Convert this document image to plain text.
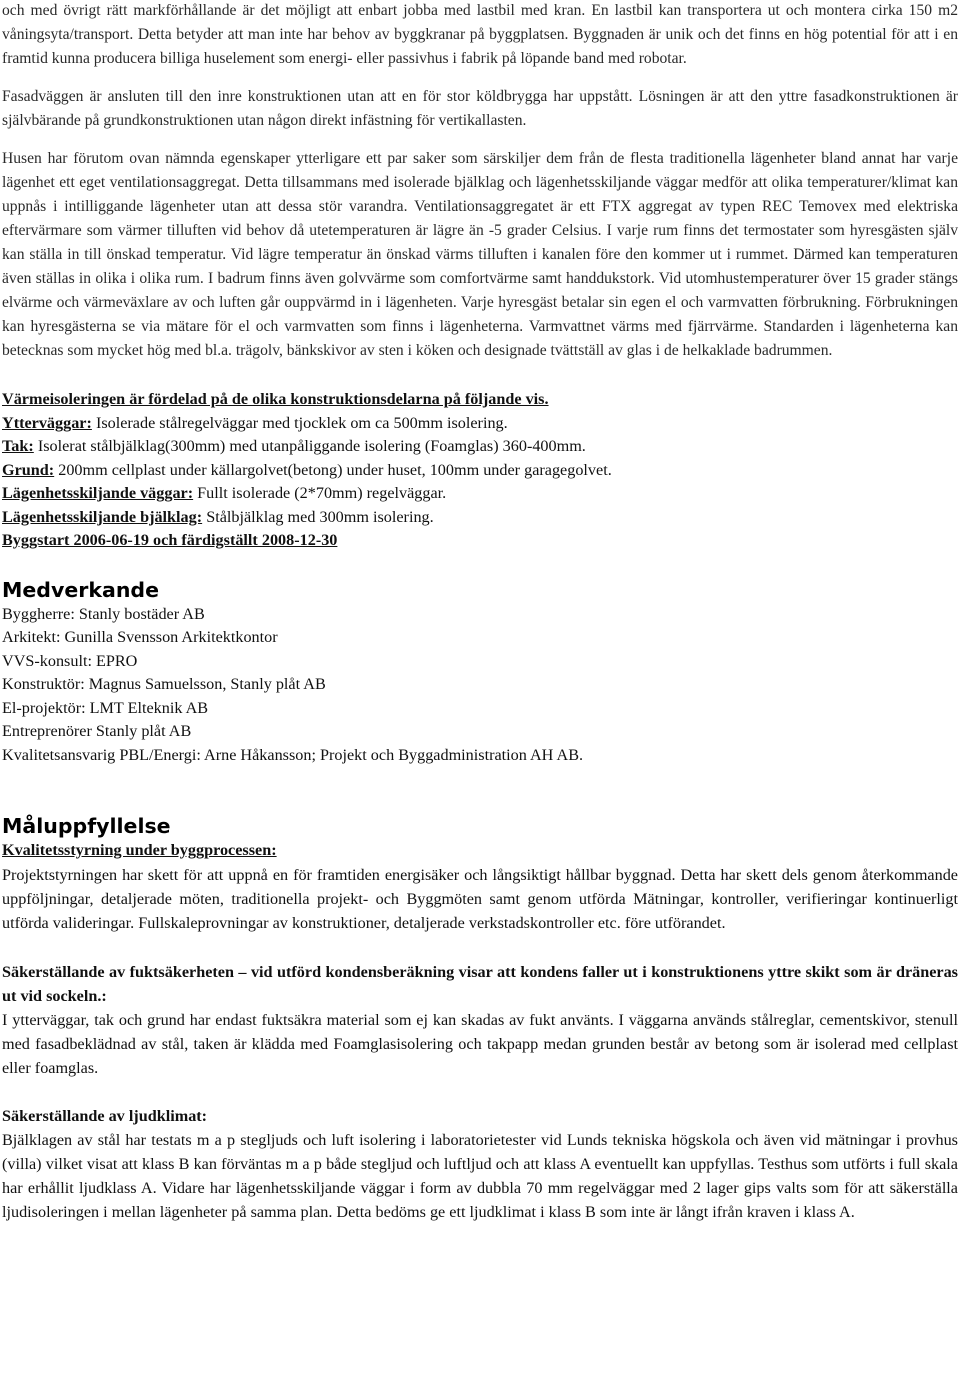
och med övrigt rätt markförhållande är det möjligt att enbart jobba med lastbil med kran. En lastbil kan transportera ut och montera cirka 150 m2 våningsyta/transport. Detta betyder att man inte har behov av byggkranar på byggplatsen. Byggnaden är unik och det finns en hög potential för att i en framtid kunna producera billiga huselement som energi- eller passivhus i fabrik på löpande band med robotar.

Fasadväggen är ansluten till den inre konstruktionen utan att en för stor köldbrygga har uppstått. Lösningen är att den yttre fasadkonstruktionen är självbärande på grundkonstruktionen utan någon direkt infästning för vertikallasten.

Husen har förutom ovan nämnda egenskaper ytterligare ett par saker som särskiljer dem från de flesta traditionella lägenheter bland annat har varje lägenhet ett eget ventilationsaggregat. Detta tillsammans med isolerade bjälklag och lägenhetsskiljande väggar medför att olika temperaturer/klimat kan uppnås i intilliggande lägenheter utan att dessa stör varandra. Ventilationsaggregatet är ett FTX aggregat av typen REC Temovex med elektriska eftervärmare som värmer tilluften vid behov då utetemperaturen är lägre än -5 grader Celsius. I varje rum finns det termostater som hyresgästen själv kan ställa in till önskad temperatur. Vid lägre temperatur än önskad värms tilluften i kanalen före den kommer ut i rummet. Därmed kan temperaturen även ställas in olika i olika rum. I badrum finns även golvvärme som comfortvärme samt handdukstork. Vid utomhustemperaturer över 15 grader stängs elvärme och värmeväxlare av och luften går ouppvärmd in i lägenheten. Varje hyresgäst betalar sin egen el och varmvatten förbrukning. Förbrukningen kan hyresgästerna se via mätare för el och varmvatten som finns i lägenheterna. Varmvattnet värms med fjärrvärme. Standarden i lägenheterna kan betecknas som mycket hög med bl.a. trägolv, bänkskivor av sten i köken och designade tvättställ av glas i de helkaklade badrummen.

Värmeisoleringen är fördelad på de olika konstruktionsdelarna på följande vis.

Ytterväggar: Isolerade stålregelväggar med tjocklek om ca 500mm isolering.

Tak: Isolerat stålbjälklag(300mm) med utanpåliggande isolering (Foamglas) 360-400mm.

Grund: 200mm cellplast under källargolvet(betong) under huset, 100mm under garagegolvet.

Lägenhetsskiljande väggar: Fullt isolerade (2*70mm) regelväggar.

Lägenhetsskiljande bjälklag: Stålbjälklag med 300mm isolering.

Byggstart 2006-06-19 och färdigställt 2008-12-30

Medverkande

Byggherre: Stanly bostäder AB

Arkitekt: Gunilla Svensson Arkitektkontor

VVS-konsult: EPRO

Konstruktör: Magnus Samuelsson, Stanly plåt AB

El-projektör: LMT Elteknik AB

Entreprenörer Stanly plåt AB

Kvalitetsansvarig PBL/Energi: Arne Håkansson; Projekt och Byggadministration AH AB.

Måluppfyllelse

Kvalitetsstyrning under byggprocessen:

Projektstyrningen har skett för att uppnå en för framtiden energisäker och långsiktigt hållbar byggnad. Detta har skett dels genom återkommande uppföljningar, detaljerade möten, traditionella projekt- och Byggmöten samt genom utförda Mätningar, kontroller, verifieringar kontinuerligt utförda valideringar. Fullskaleprovningar av konstruktioner, detaljerade verkstadskontroller etc. före utförandet.

Säkerställande av fuktsäkerheten – vid utförd kondensberäkning visar att kondens faller ut i konstruktionens yttre skikt som är dräneras ut vid sockeln.:

I ytterväggar, tak och grund har endast fuktsäkra material som ej kan skadas av fukt använts. I väggarna används stålreglar, cementskivor, stenull med fasadbeklädnad av stål, taken är klädda med Foamglasisolering och takpapp medan grunden består av betong som är isolerad med cellplast eller foamglas.

Säkerställande av ljudklimat:

Bjälklagen av stål har testats m a p stegljuds och luft isolering i laboratorietester vid Lunds tekniska högskola och även vid mätningar i provhus (villa) vilket visat att klass B kan förväntas m a p både stegljud och luftljud och att klass A eventuellt kan uppfyllas. Testhus som utförts i full skala har erhållit ljudklass A. Vidare har lägenhetsskiljande väggar i form av dubbla 70 mm regelväggar med 2 lager gips valts som för att säkerställa ljudisoleringen i mellan lägenheter på samma plan. Detta bedöms ge ett ljudklimat i klass B som inte är långt ifrån kraven i klass A.
